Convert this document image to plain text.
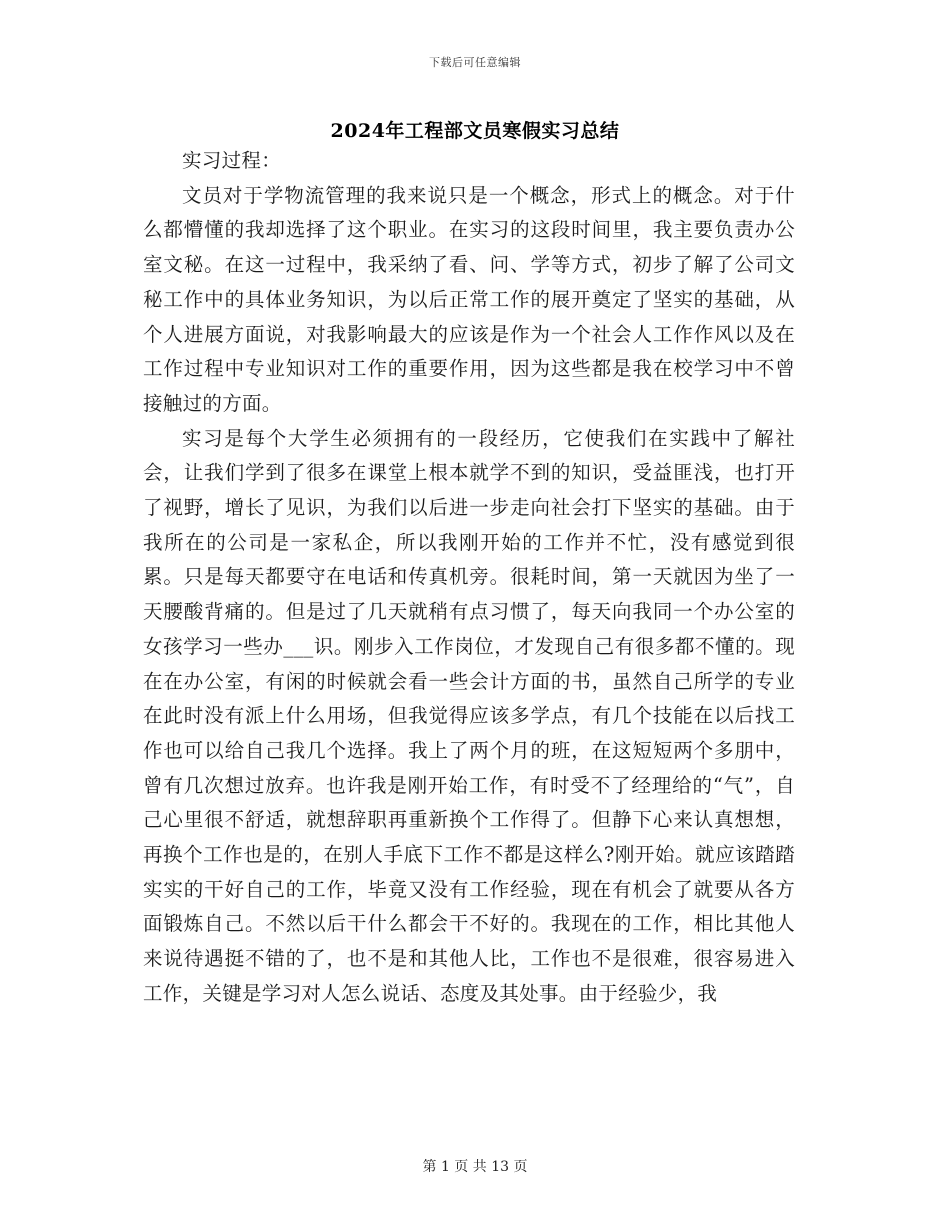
下载后可任意编辑
2024年工程部文员寒假实习总结

实习过程：

文员对于学物流管理的我来说只是一个概念，形式上的概念。对于什么都懵懂的我却选择了这个职业。在实习的这段时间里，我主要负责办公室文秘。在这一过程中，我采纳了看、问、学等方式，初步了解了公司文秘工作中的具体业务知识，为以后正常工作的展开奠定了坚实的基础，从个人进展方面说，对我影响最大的应该是作为一个社会人工作作风以及在工作过程中专业知识对工作的重要作用，因为这些都是我在校学习中不曾接触过的方面。

实习是每个大学生必须拥有的一段经历，它使我们在实践中了解社会，让我们学到了很多在课堂上根本就学不到的知识，受益匪浅，也打开了视野，增长了见识，为我们以后进一步走向社会打下坚实的基础。由于我所在的公司是一家私企，所以我刚开始的工作并不忙，没有感觉到很累。只是每天都要守在电话和传真机旁。很耗时间，第一天就因为坐了一天腰酸背痛的。但是过了几天就稍有点习惯了，每天向我同一个办公室的女孩学习一些办___识。刚步入工作岗位，才发现自己有很多都不懂的。现在在办公室，有闲的时候就会看一些会计方面的书，虽然自己所学的专业在此时没有派上什么用场，但我觉得应该多学点，有几个技能在以后找工作也可以给自己我几个选择。我上了两个月的班，在这短短两个多朋中，曾有几次想过放弃。也许我是刚开始工作，有时受不了经理给的“气”，自己心里很不舒适，就想辞职再重新换个工作得了。但静下心来认真想想，再换个工作也是的，在别人手底下工作不都是这样么?刚开始。就应该踏踏实实的干好自己的工作，毕竟又没有工作经验，现在有机会了就要从各方面锻炼自己。不然以后干什么都会干不好的。我现在的工作，相比其他人来说待遇挺不错的了，也不是和其他人比，工作也不是很难，很容易进入工作，关键是学习对人怎么说话、态度及其处事。由于经验少，我

第 1 页 共 13 页
